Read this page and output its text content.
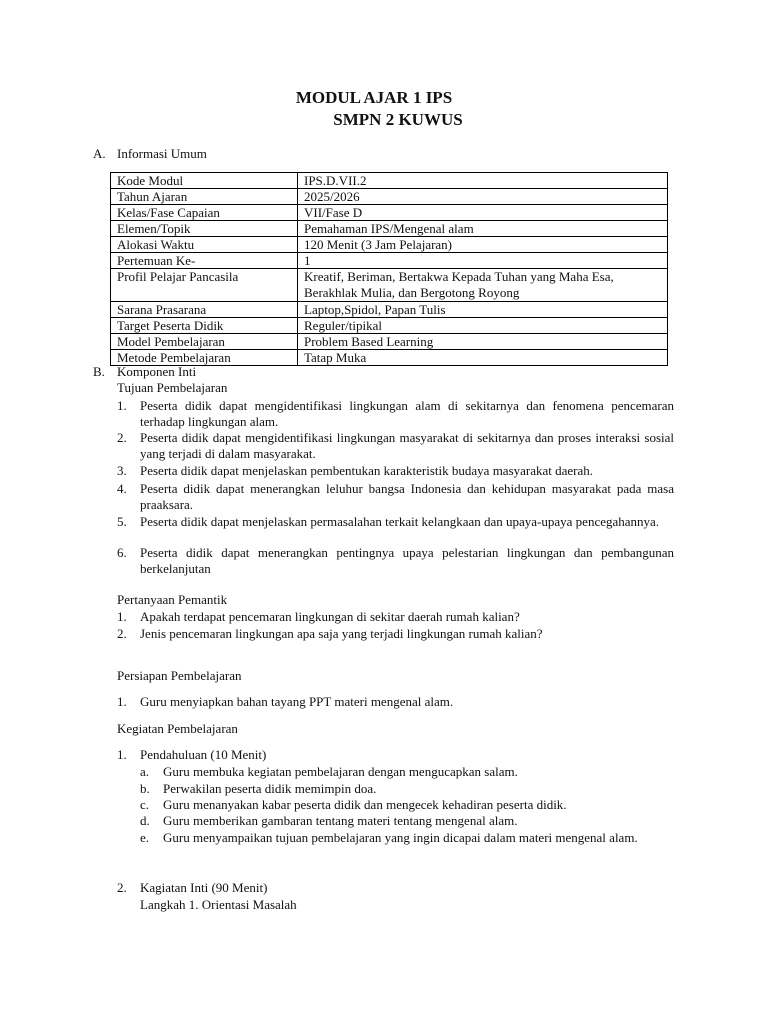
MODUL AJAR 1 IPS
SMPN 2 KUWUS
A. Informasi Umum
Kode Modul	IPS.D.VII.2
Tahun Ajaran	2025/2026
Kelas/Fase Capaian	VII/Fase D
Elemen/Topik	Pemahaman IPS/Mengenal alam
Alokasi Waktu	120 Menit (3 Jam Pelajaran)
Pertemuan Ke-	1
Profil Pelajar Pancasila	Kreatif, Beriman, Bertakwa Kepada Tuhan yang Maha Esa, Berakhlak Mulia, dan Bergotong Royong
Sarana Prasarana	Laptop,Spidol, Papan Tulis
Target Peserta Didik	Reguler/tipikal
Model Pembelajaran	Problem Based Learning
Metode Pembelajaran	Tatap Muka
B. Komponen Inti
Tujuan Pembelajaran
1. Peserta didik dapat mengidentifikasi lingkungan alam di sekitarnya dan fenomena pencemaran terhadap lingkungan alam.
2. Peserta didik dapat mengidentifikasi lingkungan masyarakat di sekitarnya dan proses interaksi sosial yang terjadi di dalam masyarakat.
3. Peserta didik dapat menjelaskan pembentukan karakteristik budaya masyarakat daerah.
4. Peserta didik dapat menerangkan leluhur bangsa Indonesia dan kehidupan masyarakat pada masa praaksara.
5. Peserta didik dapat menjelaskan permasalahan terkait kelangkaan dan upaya-upaya pencegahannya.
6. Peserta didik dapat menerangkan pentingnya upaya pelestarian lingkungan dan pembangunan berkelanjutan
Pertanyaan Pemantik
1. Apakah terdapat pencemaran lingkungan di sekitar daerah rumah kalian?
2. Jenis pencemaran lingkungan apa saja yang terjadi lingkungan rumah kalian?
Persiapan Pembelajaran
1. Guru menyiapkan bahan tayang PPT materi mengenal alam.
Kegiatan Pembelajaran
1. Pendahuluan (10 Menit)
a. Guru membuka kegiatan pembelajaran dengan mengucapkan salam.
b. Perwakilan peserta didik memimpin doa.
c. Guru menanyakan kabar peserta didik dan mengecek kehadiran peserta didik.
d. Guru memberikan gambaran tentang materi tentang mengenal alam.
e. Guru menyampaikan tujuan pembelajaran yang ingin dicapai dalam materi mengenal alam.
2. Kagiatan Inti (90 Menit)
Langkah 1. Orientasi Masalah
